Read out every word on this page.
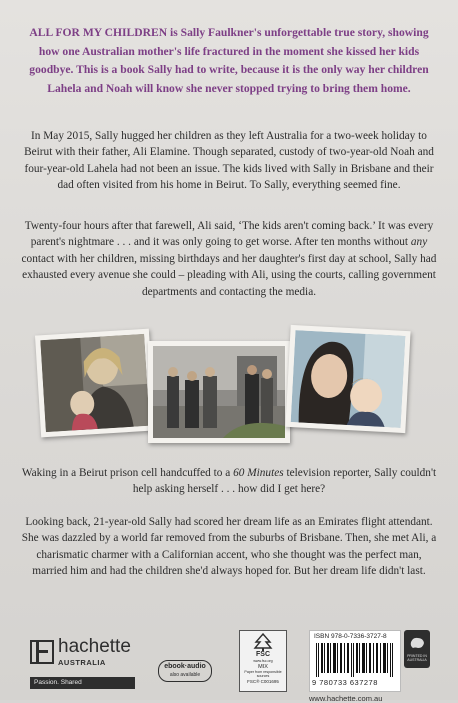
ALL FOR MY CHILDREN is Sally Faulkner's unforgettable true story, showing how one Australian mother's life fractured in the moment she kissed her kids goodbye. This is a book Sally had to write, because it is the only way her children Lahela and Noah will know she never stopped trying to bring them home.
In May 2015, Sally hugged her children as they left Australia for a two-week holiday to Beirut with their father, Ali Elamine. Though separated, custody of two-year-old Noah and four-year-old Lahela had not been an issue. The kids lived with Sally in Brisbane and their dad often visited from his home in Beirut. To Sally, everything seemed fine.
Twenty-four hours after that farewell, Ali said, ‘The kids aren't coming back.’ It was every parent's nightmare . . . and it was only going to get worse. After ten months without any contact with her children, missing birthdays and her daughter's first day at school, Sally had exhausted every avenue she could – pleading with Ali, using the courts, calling government departments and contacting the media.
Waking in a Beirut prison cell handcuffed to a 60 Minutes television reporter, Sally couldn't help asking herself . . . how did I get here?
Looking back, 21-year-old Sally had scored her dream life as an Emirates flight attendant. She was dazzled by a world far removed from the suburbs of Brisbane. Then, she met Ali, a charismatic charmer with a Californian accent, who she thought was the perfect man, married him and had the children she'd always hoped for. But her dream life didn't last.
hachette
AUSTRALIA
Passion. Shared
ebook·audio
also available
FSC
www.fsc.org
MIX
Paper from responsible sources
FSC® C001695
ISBN 978-0-7336-3727-8
9 780733 637278
PRINTED IN AUSTRALIA
www.hachette.com.au
